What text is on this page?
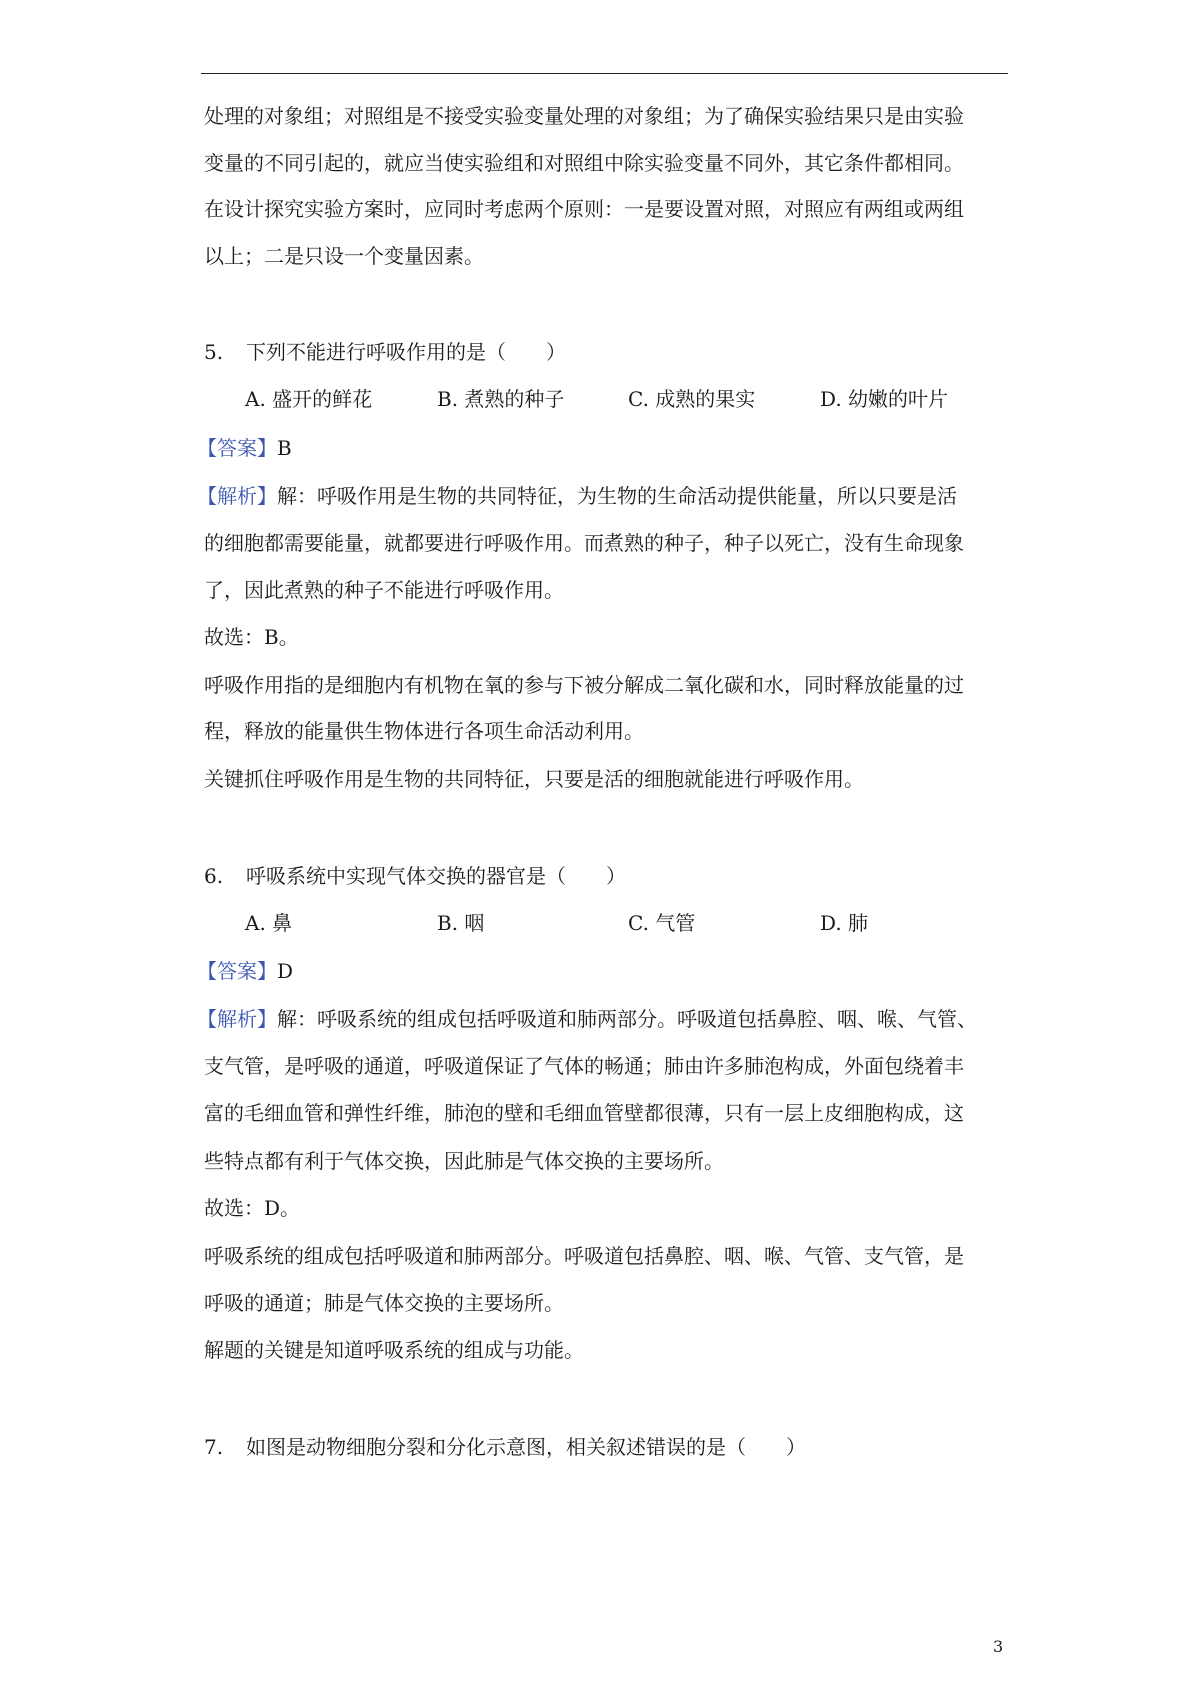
处理的对象组；对照组是不接受实验变量处理的对象组；为了确保实验结果只是由实验
变量的不同引起的，就应当使实验组和对照组中除实验变量不同外，其它条件都相同。
在设计探究实验方案时，应同时考虑两个原则：一是要设置对照，对照应有两组或两组
以上；二是只设一个变量因素。
5. 下列不能进行呼吸作用的是（　　）
A. 盛开的鲜花	B. 煮熟的种子	C. 成熟的果实	D. 幼嫩的叶片
【答案】B
【解析】解：呼吸作用是生物的共同特征，为生物的生命活动提供能量，所以只要是活
的细胞都需要能量，就都要进行呼吸作用。而煮熟的种子，种子以死亡，没有生命现象
了，因此煮熟的种子不能进行呼吸作用。
故选：B。
呼吸作用指的是细胞内有机物在氧的参与下被分解成二氧化碳和水，同时释放能量的过
程，释放的能量供生物体进行各项生命活动利用。
关键抓住呼吸作用是生物的共同特征，只要是活的细胞就能进行呼吸作用。
6. 呼吸系统中实现气体交换的器官是（　　）
A. 鼻	B. 咽	C. 气管	D. 肺
【答案】D
【解析】解：呼吸系统的组成包括呼吸道和肺两部分。呼吸道包括鼻腔、咽、喉、气管、
支气管，是呼吸的通道，呼吸道保证了气体的畅通；肺由许多肺泡构成，外面包绕着丰
富的毛细血管和弹性纤维，肺泡的壁和毛细血管壁都很薄，只有一层上皮细胞构成，这
些特点都有利于气体交换，因此肺是气体交换的主要场所。
故选：D。
呼吸系统的组成包括呼吸道和肺两部分。呼吸道包括鼻腔、咽、喉、气管、支气管，是
呼吸的通道；肺是气体交换的主要场所。
解题的关键是知道呼吸系统的组成与功能。
7. 如图是动物细胞分裂和分化示意图，相关叙述错误的是（　　）
3
